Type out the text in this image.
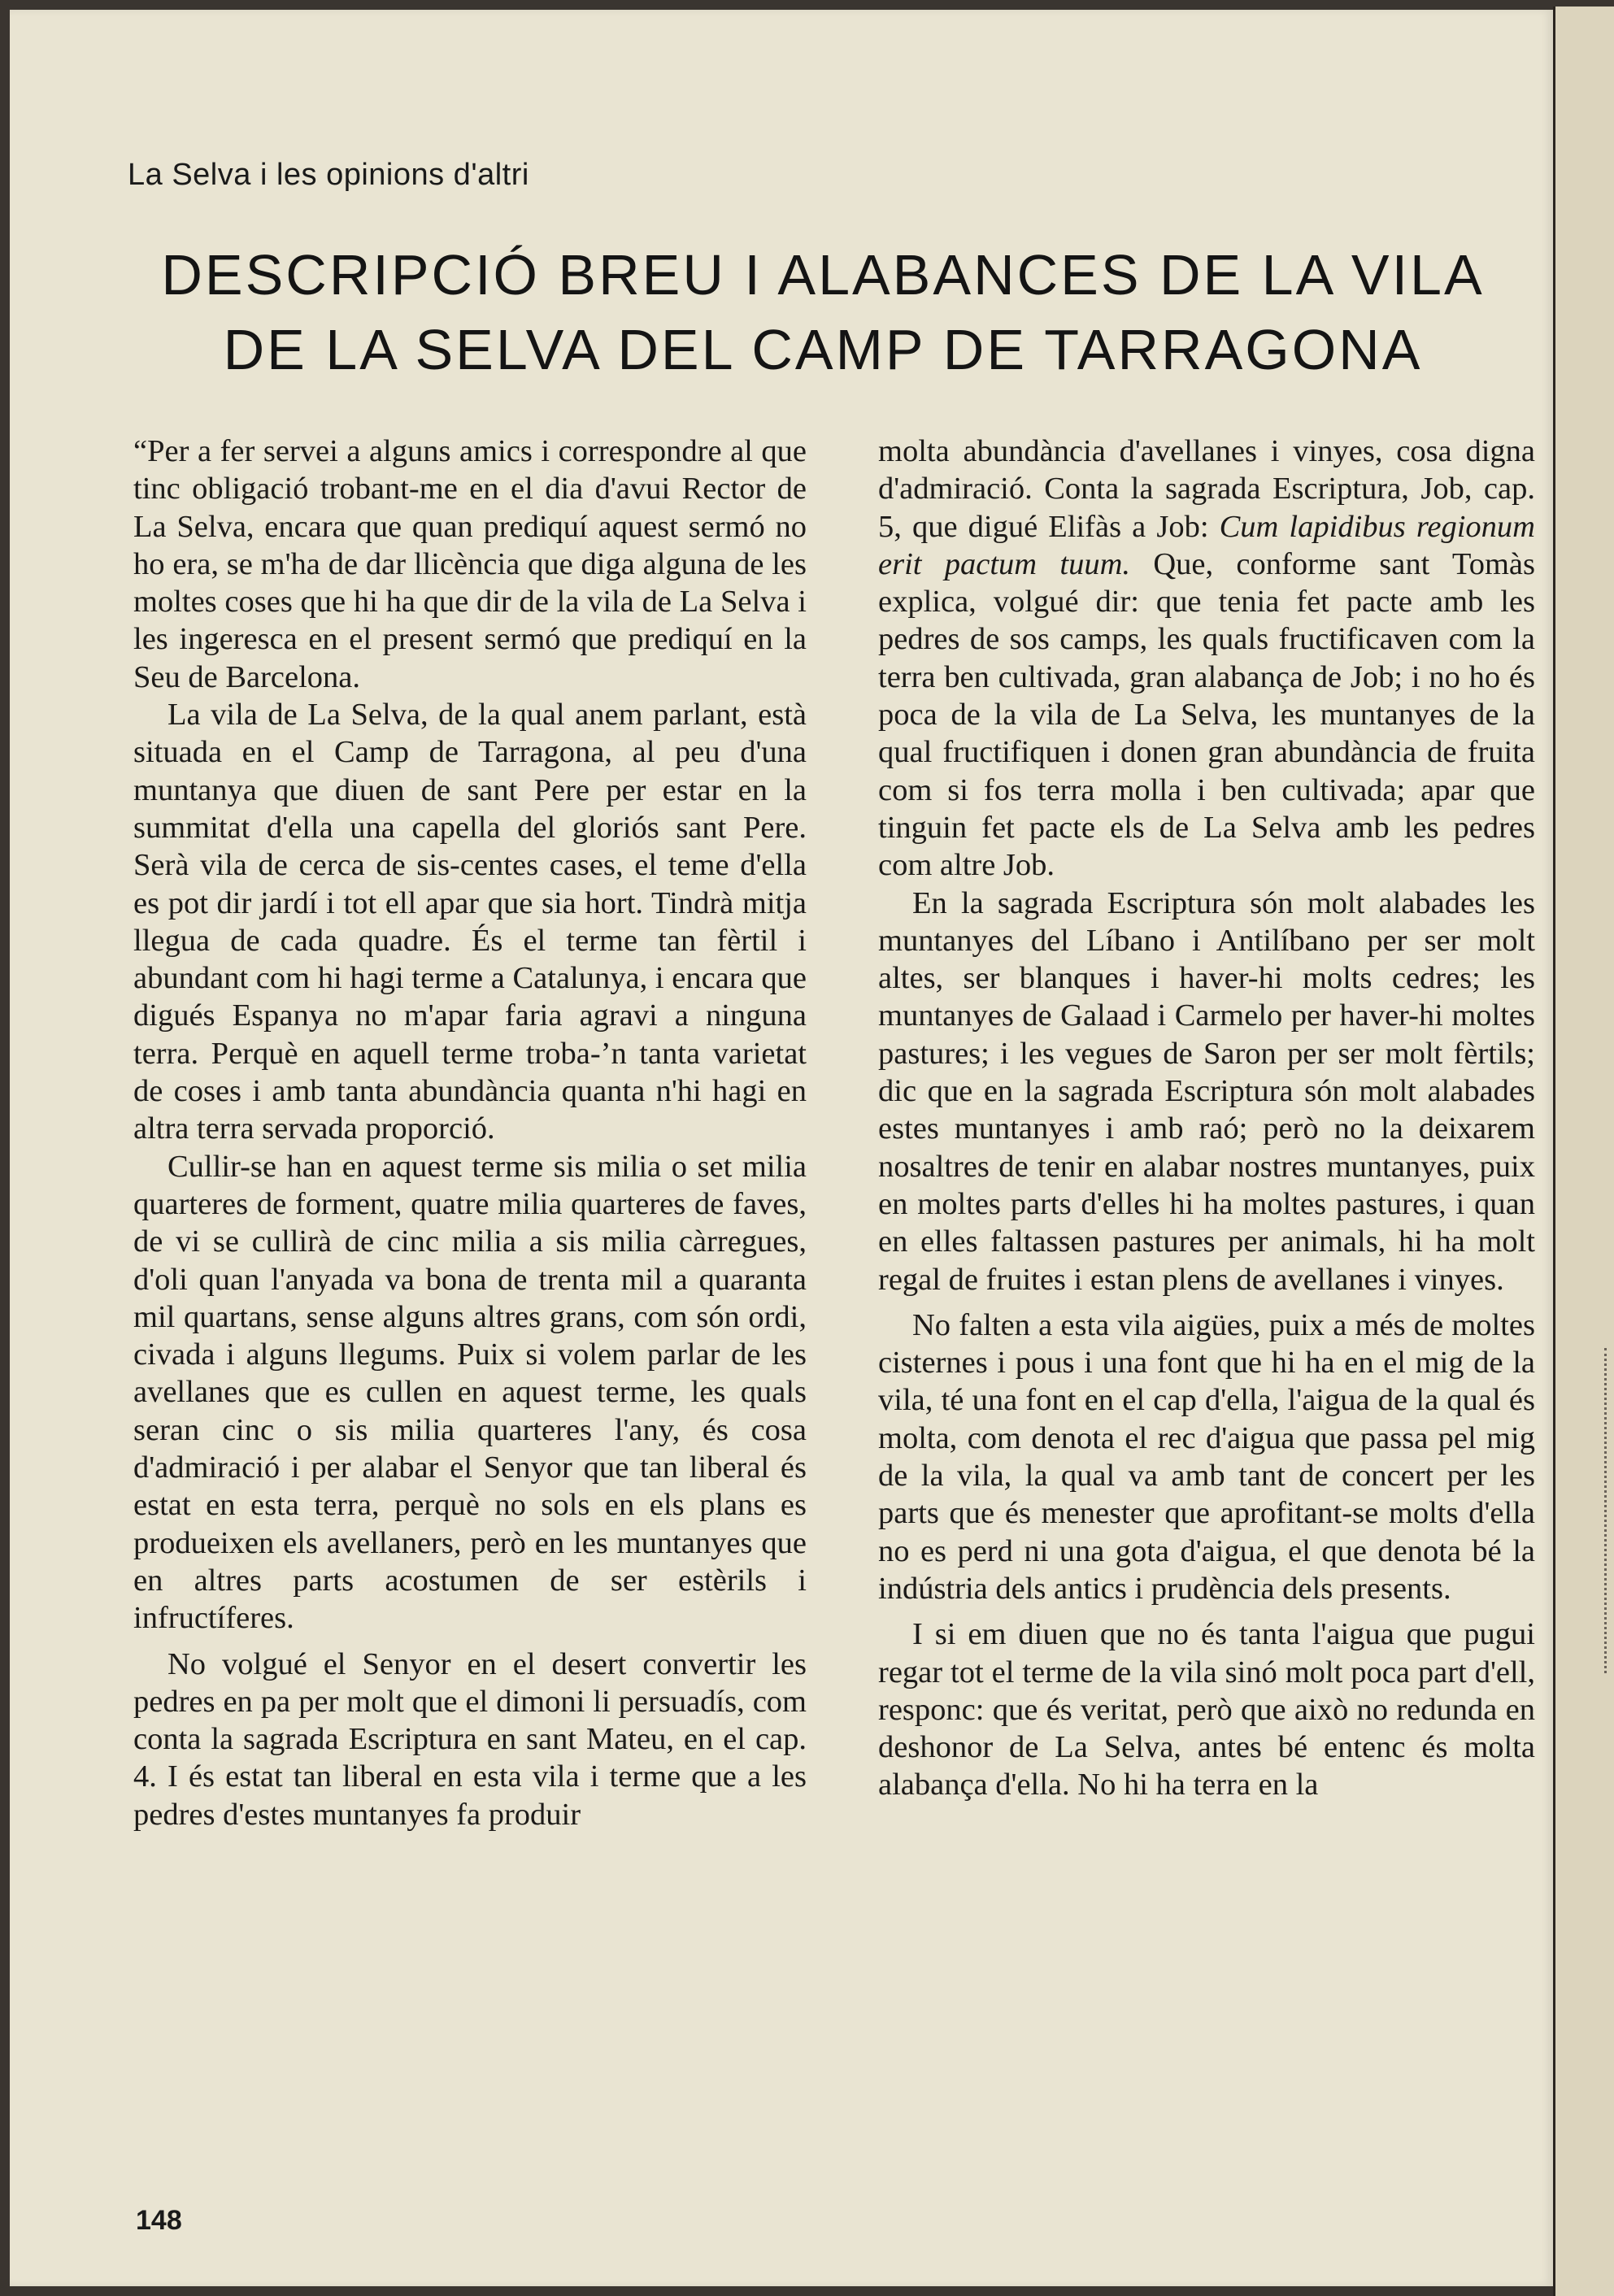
La Selva i les opinions d'altri
DESCRIPCIÓ BREU I ALABANCES DE LA VILA
DE LA SELVA DEL CAMP DE TARRAGONA

“Per a fer servei a alguns amics i correspondre al que tinc obligació trobant-me en el dia d'avui Rector de La Selva, encara que quan prediquí aquest sermó no ho era, se m'ha de dar llicència que diga alguna de les moltes coses que hi ha que dir de la vila de La Selva i les ingeresca en el present sermó que prediquí en la Seu de Barcelona.

La vila de La Selva, de la qual anem parlant, està situada en el Camp de Tarragona, al peu d'una muntanya que diuen de sant Pere per estar en la summitat d'ella una capella del gloriós sant Pere. Serà vila de cerca de sis-centes cases, el teme d'ella es pot dir jardí i tot ell apar que sia hort. Tindrà mitja llegua de cada quadre. És el terme tan fèrtil i abundant com hi hagi terme a Catalunya, i encara que digués Espanya no m'apar faria agravi a ninguna terra. Perquè en aquell terme troba-’n tanta varietat de coses i amb tanta abundància quanta n'hi hagi en altra terra servada proporció.

Cullir-se han en aquest terme sis milia o set milia quarteres de forment, quatre milia quarteres de faves, de vi se cullirà de cinc milia a sis milia càrregues, d'oli quan l'anyada va bona de trenta mil a quaranta mil quartans, sense alguns altres grans, com són ordi, civada i alguns llegums. Puix si volem parlar de les avellanes que es cullen en aquest terme, les quals seran cinc o sis milia quarteres l'any, és cosa d'admiració i per alabar el Senyor que tan liberal és estat en esta terra, perquè no sols en els plans es produeixen els avellaners, però en les muntanyes que en altres parts acostumen de ser estèrils i infructíferes.

No volgué el Senyor en el desert convertir les pedres en pa per molt que el dimoni li persuadís, com conta la sagrada Escriptura en sant Mateu, en el cap. 4. I és estat tan liberal en esta vila i terme que a les pedres d'estes muntanyes fa produir

molta abundància d'avellanes i vinyes, cosa digna d'admiració. Conta la sagrada Escriptura, Job, cap. 5, que digué Elifàs a Job: Cum lapidibus regionum erit pactum tuum. Que, conforme sant Tomàs explica, volgué dir: que tenia fet pacte amb les pedres de sos camps, les quals fructificaven com la terra ben cultivada, gran alabança de Job; i no ho és poca de la vila de La Selva, les muntanyes de la qual fructifiquen i donen gran abundància de fruita com si fos terra molla i ben cultivada; apar que tinguin fet pacte els de La Selva amb les pedres com altre Job.

En la sagrada Escriptura són molt alabades les muntanyes del Líbano i Antilíbano per ser molt altes, ser blanques i haver-hi molts cedres; les muntanyes de Galaad i Carmelo per haver-hi moltes pastures; i les vegues de Saron per ser molt fèrtils; dic que en la sagrada Escriptura són molt alabades estes muntanyes i amb raó; però no la deixarem nosaltres de tenir en alabar nostres muntanyes, puix en moltes parts d'elles hi ha moltes pastures, i quan en elles faltassen pastures per animals, hi ha molt regal de fruites i estan plens de avellanes i vinyes.

No falten a esta vila aigües, puix a més de moltes cisternes i pous i una font que hi ha en el mig de la vila, té una font en el cap d'ella, l'aigua de la qual és molta, com denota el rec d'aigua que passa pel mig de la vila, la qual va amb tant de concert per les parts que és menester que aprofitant-se molts d'ella no es perd ni una gota d'aigua, el que denota bé la indústria dels antics i prudència dels presents.

I si em diuen que no és tanta l'aigua que pugui regar tot el terme de la vila sinó molt poca part d'ell, responc: que és veritat, però que això no redunda en deshonor de La Selva, antes bé entenc és molta alabança d'ella. No hi ha terra en la

148
